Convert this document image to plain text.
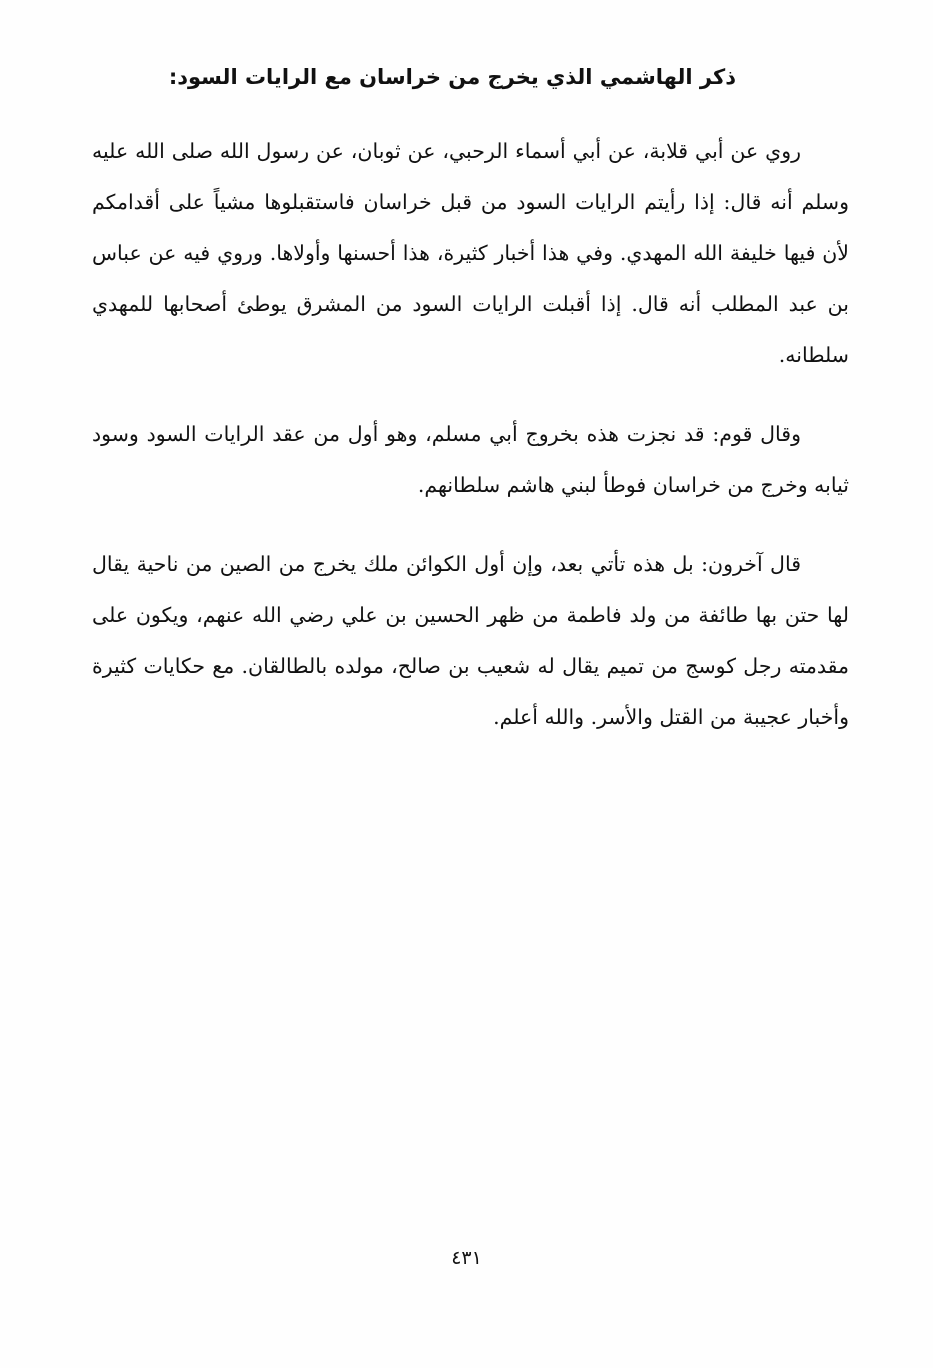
ذكر الهاشمي الذي يخرج من خراسان مع الرايات السود:

روي عن أبي قلابة، عن أبي أسماء الرحبي، عن ثوبان، عن رسول الله صلى الله عليه وسلم أنه قال: إذا رأيتم الرايات السود من قبل خراسان فاستقبلوها مشياً على أقدامكم لأن فيها خليفة الله المهدي. وفي هذا أخبار كثيرة، هذا أحسنها وأولاها. وروي فيه عن عباس بن عبد المطلب أنه قال. إذا أقبلت الرايات السود من المشرق يوطئ أصحابها للمهدي سلطانه.

وقال قوم: قد نجزت هذه بخروج أبي مسلم، وهو أول من عقد الرايات السود وسود ثيابه وخرج من خراسان فوطأ لبني هاشم سلطانهم.

قال آخرون: بل هذه تأتي بعد، وإن أول الكوائن ملك يخرج من الصين من ناحية يقال لها حتن بها طائفة من ولد فاطمة من ظهر الحسين بن علي رضي الله عنهم، ويكون على مقدمته رجل كوسج من تميم يقال له شعيب بن صالح، مولده بالطالقان. مع حكايات كثيرة وأخبار عجيبة من القتل والأسر. والله أعلم.

٤٣١
